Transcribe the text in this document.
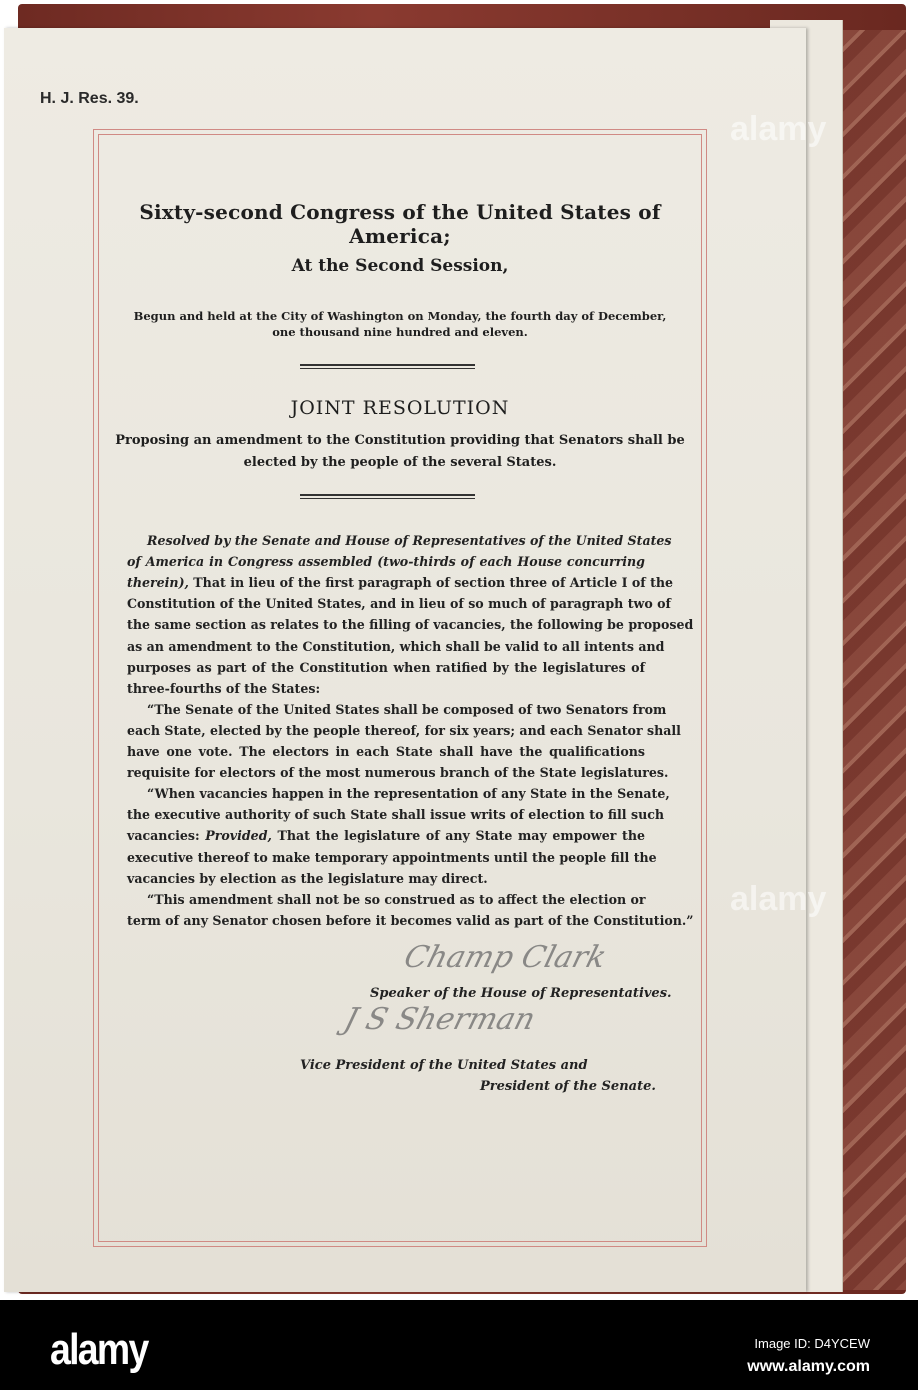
H. J. Res. 39.
Sixty-second Congress of the United States of America;
At the Second Session,
Begun and held at the City of Washington on Monday, the fourth day of December,
one thousand nine hundred and eleven.
JOINT RESOLUTION
Proposing an amendment to the Constitution providing that Senators shall be
elected by the people of the several States.
Resolved by the Senate and House of Representatives of the United States
of America in Congress assembled (two-thirds of each House concurring
therein), That in lieu of the first paragraph of section three of Article I of the
Constitution of the United States, and in lieu of so much of paragraph two of
the same section as relates to the filling of vacancies, the following be proposed
as an amendment to the Constitution, which shall be valid to all intents and
purposes as part of the Constitution when ratified by the legislatures of
three-fourths of the States:
“The Senate of the United States shall be composed of two Senators from
each State, elected by the people thereof, for six years; and each Senator shall
have one vote. The electors in each State shall have the qualifications
requisite for electors of the most numerous branch of the State legislatures.
“When vacancies happen in the representation of any State in the Senate,
the executive authority of such State shall issue writs of election to fill such
vacancies: Provided, That the legislature of any State may empower the
executive thereof to make temporary appointments until the people fill the
vacancies by election as the legislature may direct.
“This amendment shall not be so construed as to affect the election or
term of any Senator chosen before it becomes valid as part of the Constitution.”
Champ Clark
Speaker of the House of Representatives.
J S Sherman
Vice President of the United States and
President of the Senate.
alamy
alamy
alamy	Image ID: D4YCEW
www.alamy.com
